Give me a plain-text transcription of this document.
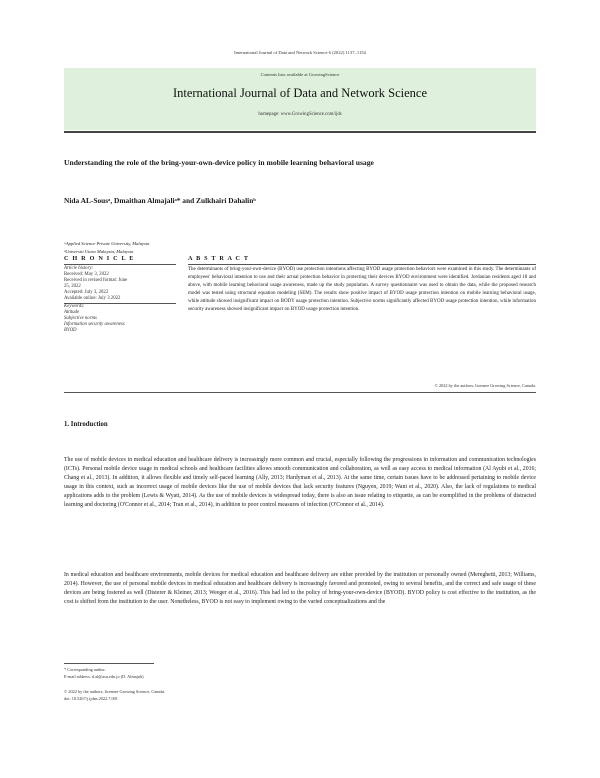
International Journal of Data and Network Science 6 (2022) 1137–1154
Contents lists available at GrowingScience
International Journal of Data and Network Science
homepage: www.GrowingScience.com/ijds
Understanding the role of the bring-your-own-device policy in mobile learning behavioral usage
Nida AL-Sousᵃ, Dmaithan Almajaliᵃ* and Zulkhairi Dahalinᵇ
ᵃApplied Science Private University, Malaysia
ᵇUniversiti Utara Malaysia, Malaysia
C H R O N I C L E
Article history:
Received: May 3, 2022
Received in revised format: June
25, 2022
Accepted: July 3, 2022
Available online: July 3 2022
Keywords:
Attitude
Subjective norms
Information security awareness
BYOD
A B S T R A C T
The determinants of bring-your-own-device (BYOD) use protection intentions affecting BYOD usage protection behaviors were examined in this study. The determinants of employees' behavioral intention to use and their actual protection behavior in protecting their devices BYOD environment were identified. Jordanian residents aged 18 and above, with mobile learning behavioral usage awareness, made up the study population. A survey questionnaire was used to obtain the data, while the proposed research model was tested using structural equation modeling (SEM). The results show positive impact of BYOD usage protection intention on mobile learning behavioral usage, while attitude showed insignificant impact on BODY usage protection intention. Subjective norms significantly affected BYOD usage protection intention, while information security awareness showed insignificant impact on BYOD usage protection intention.
© 2022 by the authors; licensee Growing Science, Canada.
1. Introduction
The use of mobile devices in medical education and healthcare delivery is increasingly more common and crucial, especially following the progressions in information and communication technologies (ICTs). Personal mobile device usage in medical schools and healthcare facilities allows smooth communication and collaboration, as well as easy access to medical information (Al Ayubi et al., 2016; Chang et al., 2013). In addition, it allows flexible and timely self-paced learning (Ally, 2013; Hardyman et al., 2013). At the same time, certain issues have to be addressed pertaining to mobile device usage in this context, such as incorrect usage of mobile devices like the use of mobile devices that lack security features (Nguyen, 2019; Wani et al., 2020). Also, the lack of regulations to medical applications adds to the problem (Lewis & Wyatt, 2014). As the use of mobile devices is widespread today, there is also an issue relating to etiquette, as can be exemplified in the problems of distracted learning and doctoring (O'Connor et al., 2014; Tran et al., 2014), in addition to poor control measures of infection (O'Connor et al., 2014).
In medical education and healthcare environments, mobile devices for medical education and healthcare delivery are either provided by the institution or personally owned (Mereghetti, 2013; Williams, 2014). However, the use of personal mobile devices in medical education and healthcare delivery is increasingly favored and promoted, owing to several benefits, and the correct and safe usage of these devices are being fostered as well (Disterer & Kleiner, 2013; Weeger et al., 2016). This had led to the policy of bring-your-own-device (BYOD). BYOD policy is cost effective to the institution, as the cost is shifted from the institution to the user. Nonetheless, BYOD is not easy to implement owing to the varied conceptualizations and the
* Corresponding author.
E-mail address: d.al@asu.edu.jo (D. Almajali)
© 2022 by the authors; licensee Growing Science, Canada.
doi: 10.5267/j.ijdns.2022.7.001
